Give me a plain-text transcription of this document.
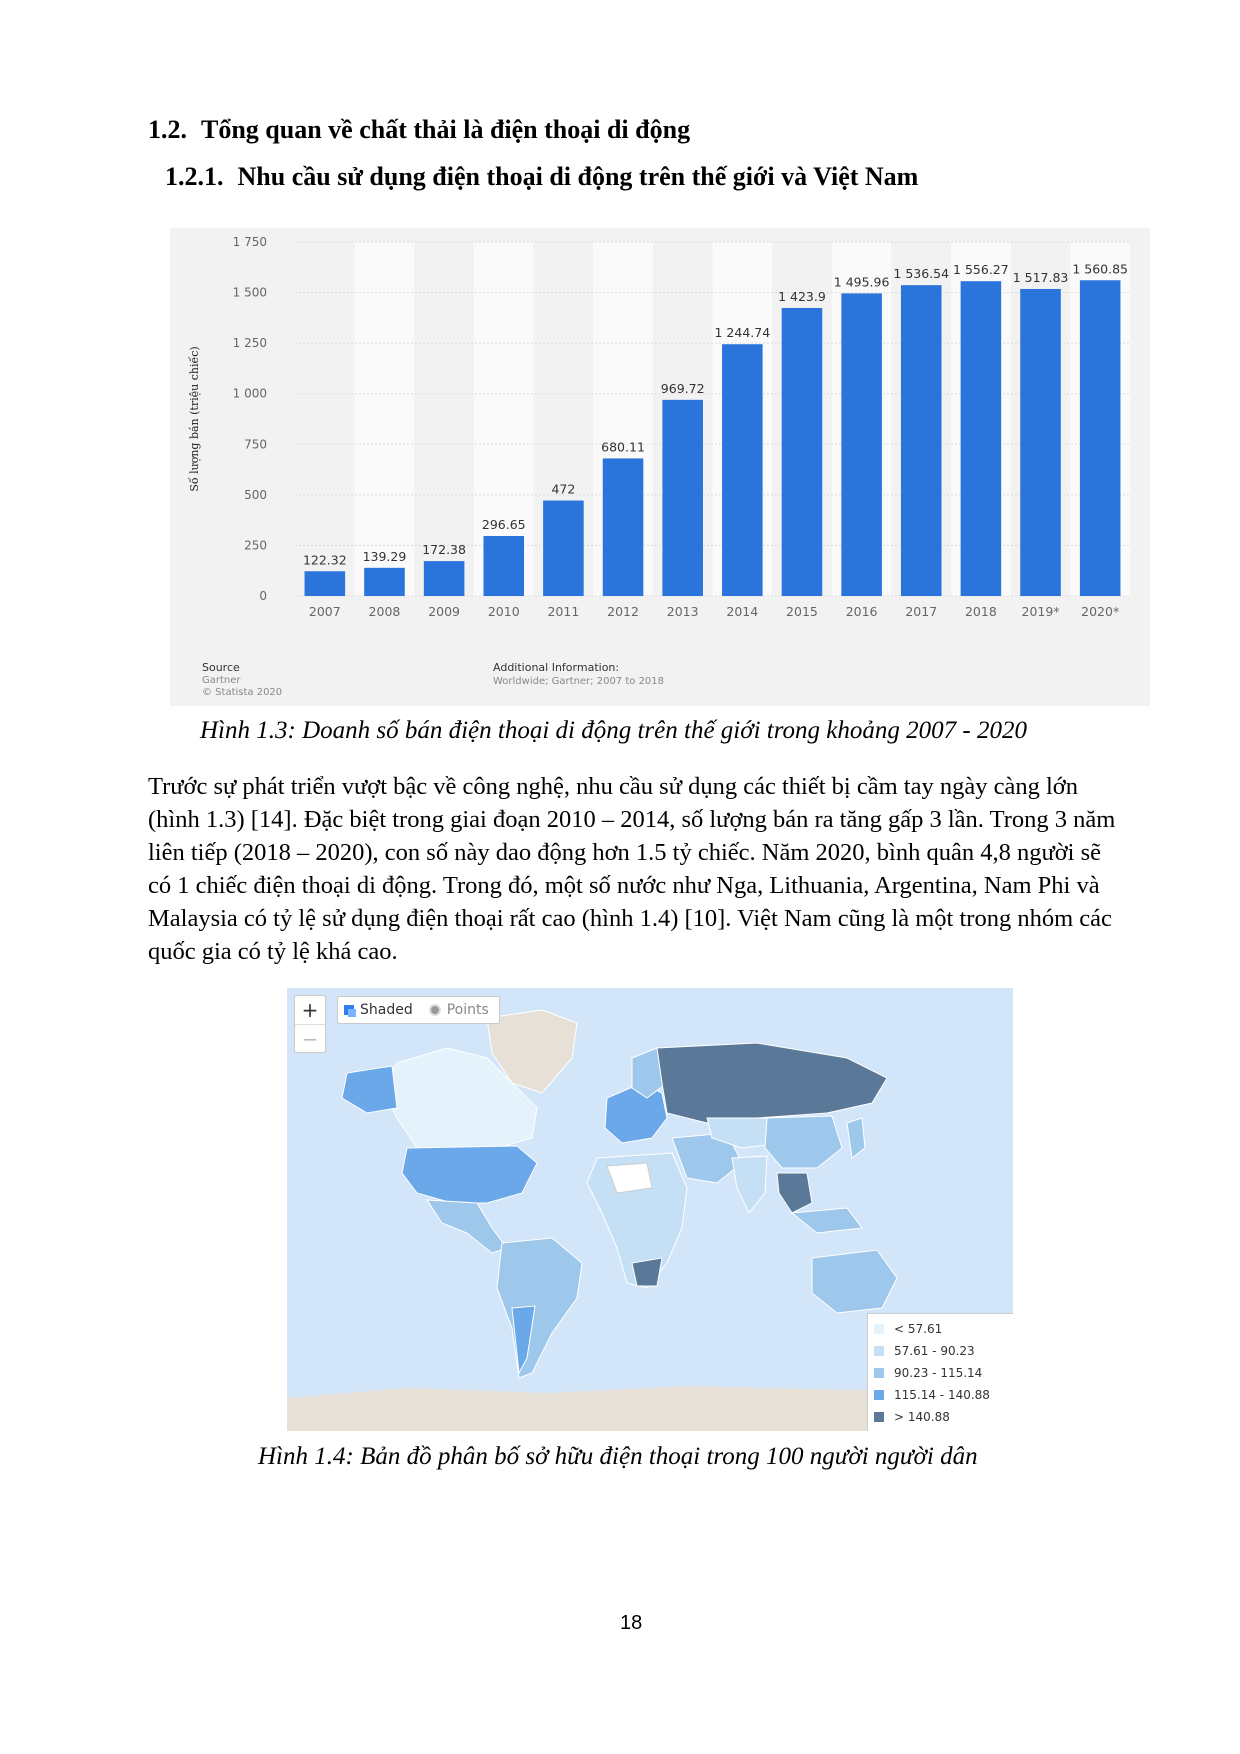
1.2. Tổng quan về chất thải là điện thoại di động
1.2.1. Nhu cầu sử dụng điện thoại di động trên thế giới và Việt Nam
0
250
500
750
1 000
1 250
1 500
1 750
Số lượng bán (triệu chiếc)
122.32
2007
139.29
2008
172.38
2009
296.65
2010
472
2011
680.11
2012
969.72
2013
1 244.74
2014
1 423.9
2015
1 495.96
2016
1 536.54
2017
1 556.27
2018
1 517.83
2019*
1 560.85
2020*
Source
Gartner
© Statista 2020
Additional Information:
Worldwide; Gartner; 2007 to 2018
Hình 1.3: Doanh số bán điện thoại di động trên thế giới trong khoảng 2007 - 2020
Trước sự phát triển vượt bậc về công nghệ, nhu cầu sử dụng các thiết bị cầm tay ngày càng lớn (hình 1.3) [14]. Đặc biệt trong giai đoạn 2010 – 2014, số lượng bán ra tăng gấp 3 lần. Trong 3 năm liên tiếp (2018 – 2020), con số này dao động hơn 1.5 tỷ chiếc. Năm 2020, bình quân 4,8 người sẽ có 1 chiếc điện thoại di động. Trong đó, một số nước như Nga, Lithuania, Argentina, Nam Phi và Malaysia có tỷ lệ sử dụng điện thoại rất cao (hình 1.4) [10]. Việt Nam cũng là một trong nhóm các quốc gia có tỷ lệ khá cao.
+
−
Shaded Points
< 57.61
57.61 - 90.23
90.23 - 115.14
115.14 - 140.88
> 140.88
Hình 1.4: Bản đồ phân bố sở hữu điện thoại trong 100 người người dân
18
